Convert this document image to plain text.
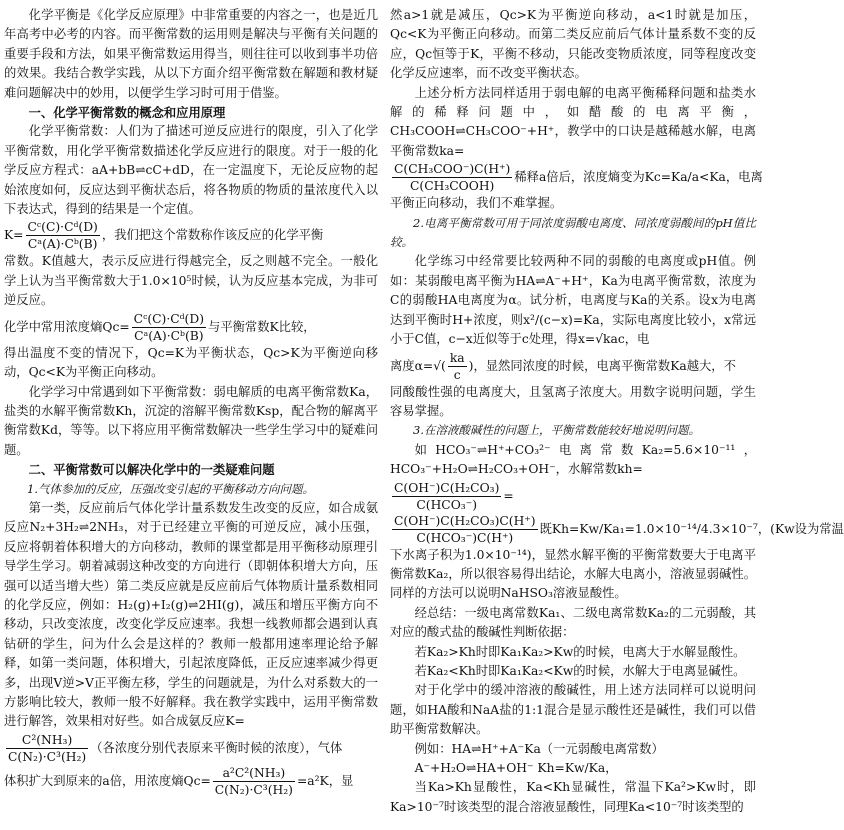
化学平衡是《化学反应原理》中非常重要的内容之一，也是近几年高考中必考的内容。而平衡常数的运用则是解决与平衡有关问题的重要手段和方法，如果平衡常数运用得当，则往往可以收到事半功倍的效果。我结合教学实践，从以下方面介绍平衡常数在解题和教材疑难问题解决中的妙用，以便学生学习时可用于借鉴。

一、化学平衡常数的概念和应用原理

化学平衡常数：人们为了描述可逆反应进行的限度，引入了化学平衡常数，用化学平衡常数描述化学反应进行的限度。对于一般的化学反应方程式：aA+bB⇌cC+dD，在一定温度下，无论反应物的起始浓度如何，反应达到平衡状态后，将各物质的物质的量浓度代入以下表达式，得到的结果是一个定值。

$K= \frac{\text{Cᶜ(C)·Cᵈ(D)}}{\text{Cᵃ(A)·Cᵇ(B)}}$ ，我们把这个常数称作该反应的化学平衡

常数。K值越大，表示反应进行得越完全，反之则越不完全。一般化学上认为当平衡常数大于1.0×10⁵时候，认为反应基本完成，为非可逆反应。

化学中常用浓度熵$Qc= \frac{\text{Cᶜ(C)·Cᵈ(D)}}{\text{Cᵃ(A)·Cᵇ(B)}}$ 与平衡常数K比较，

得出温度不变的情况下，Qc=K为平衡状态，Qc>K为平衡逆向移动，Qc<K为平衡正向移动。

化学学习中常遇到如下平衡常数：弱电解质的电离平衡常数Ka，盐类的水解平衡常数Kh，沉淀的溶解平衡常数Ksp，配合物的解离平衡常数Kd，等等。以下将应用平衡常数解决一些学生学习中的疑难问题。

二、平衡常数可以解决化学中的一类疑难问题

1.气体参加的反应，压强改变引起的平衡移动方向问题。

第一类，反应前后气体化学计量系数发生改变的反应，如合成氨反应N₂+3H₂⇌2NH₃，对于已经建立平衡的可逆反应，减小压强，反应将朝着体积增大的方向移动，教师的课堂都是用平衡移动原理引导学生学习。朝着减弱这种改变的方向进行（即朝体积增大方向，压强可以适当增大些）第二类反应就是反应前后气体物质计量系数相同的化学反应，例如：H₂(g)+I₂(g)⇌2HI(g)，减压和增压平衡方向不移动，只改变浓度，改变化学反应速率。我想一线教师都会遇到认真钻研的学生，问为什么会是这样的？教师一般都用速率理论给予解释，如第一类问题，体积增大，引起浓度降低，正反应速率减少得更多，出现V逆>V正平衡左移，学生的问题就是，为什么对系数大的一方影响比较大，教师一般不好解释。我在教学实践中，运用平衡常数进行解答，效果相对好些。如合成氨反应K=

$\frac{\text{C²(NH₃)}}{\text{C(N₂)·C³(H₂)}}$ （各浓度分别代表原来平衡时候的浓度），气体

体积扩大到原来的a倍，用浓度熵$Qc= \frac{\text{a²C²(NH₃)}}{\text{C(N₂)·C³(H₂)}} =a^2K$，显

然a>1就是减压，Qc>K为平衡逆向移动，a<1时就是加压，Qc<K为平衡正向移动。而第二类反应前后气体计量系数不变的反应，Qc恒等于K，平衡不移动，只能改变物质浓度，同等程度改变化学反应速率，而不改变平衡状态。

上述分析方法同样适用于弱电解的电离平衡稀释问题和盐类水解的稀释问题中，如醋酸的电离平衡，CH₃COOH⇌CH₃COO⁻+H⁺，教学中的口诀是越稀越水解，电离平衡常数ka=

$\frac{\text{C(CH₃COO⁻)C(H⁺)}}{\text{C(CH₃COOH)}}$ 稀释a倍后，浓度熵变为Kc=Ka/a<Ka，电离

平衡正向移动，我们不难掌握。

2.电离平衡常数可用于同浓度弱酸电离度、同浓度弱酸间的pH值比较。

化学练习中经常要比较两种不同的弱酸的电离度或pH值。例如：某弱酸电离平衡为HA⇌A⁻+H⁺，Ka为电离平衡常数，浓度为C的弱酸HA电离度为α。试分析，电离度与Ka的关系。设x为电离达到平衡时H+浓度，则x²/(c−x)=Ka，实际电离度比较小，x常远小于C值，c−x近似等于c处理，得x=√kac，电

离度$\alpha=√( \frac{ka}{c}$ )，显然同浓度的时候，电离平衡常数Ka越大，不

同酸酸性强的电离度大，且氢离子浓度大。用数字说明问题，学生容易掌握。

3.在溶液酸碱性的问题上，平衡常数能较好地说明问题。

如HCO₃⁻⇌H⁺+CO₃²⁻电离常数Ka₂=5.6×10⁻¹¹，HCO₃⁻+H₂O⇌H₂CO₃+OH⁻，水解常数kh=

$\frac{\text{C(OH⁻)C(H₂CO₃)}}{\text{C(HCO₃⁻)}}$ =

$\frac{\text{C(OH⁻)C(H₂CO₃)C(H⁺)}}{\text{C(HCO₃⁻)C(H⁺)}}$ 既Kh=Kw/Ka₁=1.0×10⁻¹⁴/4.3×10⁻⁷，(Kw设为常温

下水离子积为1.0×10⁻¹⁴)，显然水解平衡的平衡常数要大于电离平衡常数Ka₂，所以很容易得出结论，水解大电离小，溶液显弱碱性。同样的方法可以说明NaHSO₃溶液显酸性。

经总结：一级电离常数Ka₁、二级电离常数Ka₂的二元弱酸，其对应的酸式盐的酸碱性判断依据：

若Ka₂>Kh时即Ka₁Ka₂>Kw的时候，电离大于水解显酸性。

若Ka₂<Kh时即Ka₁Ka₂<Kw的时候，水解大于电离显碱性。

对于化学中的缓冲溶液的酸碱性，用上述方法同样可以说明问题，如HA酸和NaA盐的1:1混合是显示酸性还是碱性，我们可以借助平衡常数解决。

例如：HA⇌H⁺+A⁻Ka（一元弱酸电离常数）

A⁻+H₂O⇌HA+OH⁻ Kh=Kw/Ka，

当Ka>Kh显酸性，Ka<Kh显碱性，常温下Ka²>Kw时，即Ka>10⁻⁷时该类型的混合溶液显酸性，同理Ka<10⁻⁷时该类型的
